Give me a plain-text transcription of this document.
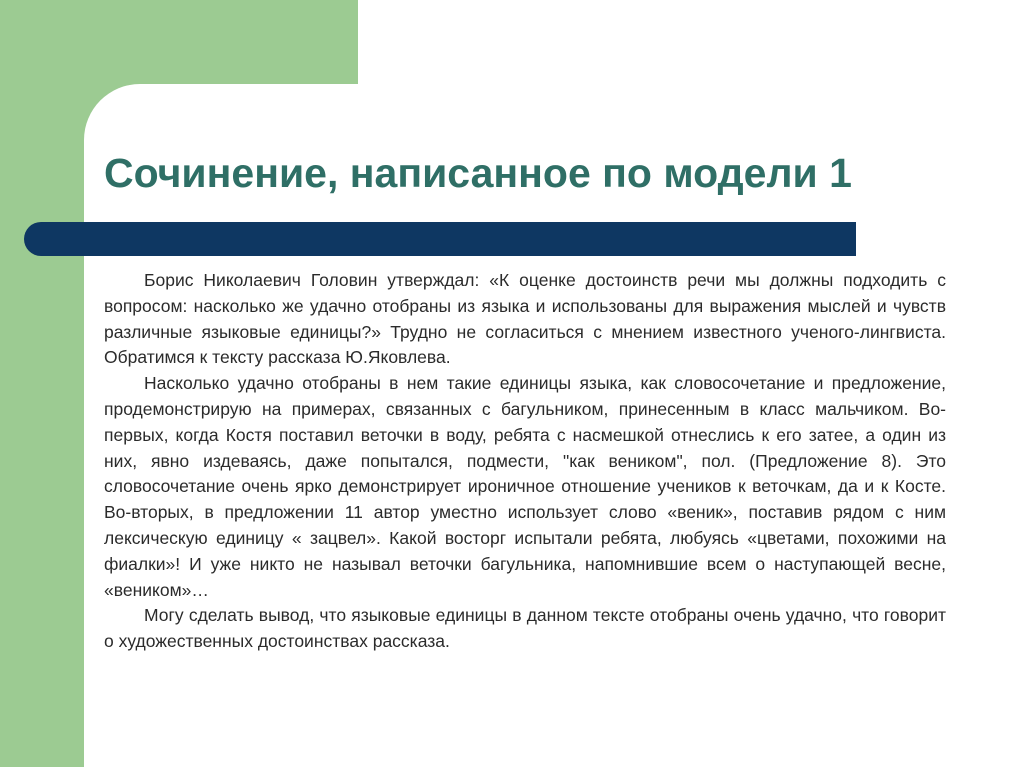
Сочинение, написанное по модели 1

Борис Николаевич Головин утверждал: «К оценке достоинств речи мы должны подходить с вопросом: насколько же удачно отобраны из языка и использованы для выражения мыслей и чувств различные языковые единицы?» Трудно не согласиться с мнением известного ученого-лингвиста. Обратимся к тексту рассказа Ю.Яковлева.

Насколько удачно отобраны в нем такие единицы языка, как словосочетание и предложение, продемонстрирую на примерах, связанных с багульником, принесенным в класс мальчиком. Во-первых, когда Костя поставил веточки в воду, ребята с насмешкой отнеслись к его затее, а один из них, явно издеваясь, даже попытался, подмести, "как веником", пол. (Предложение 8). Это словосочетание очень ярко демонстрирует ироничное отношение учеников к веточкам, да и к Косте. Во-вторых, в предложении 11 автор уместно использует слово «веник», поставив рядом с ним лексическую единицу « зацвел». Какой восторг испытали ребята, любуясь «цветами, похожими на фиалки»! И уже никто не называл веточки багульника, напомнившие всем о наступающей весне, «веником»…

Могу сделать вывод, что языковые единицы в данном тексте отобраны очень удачно, что говорит о художественных достоинствах рассказа.
